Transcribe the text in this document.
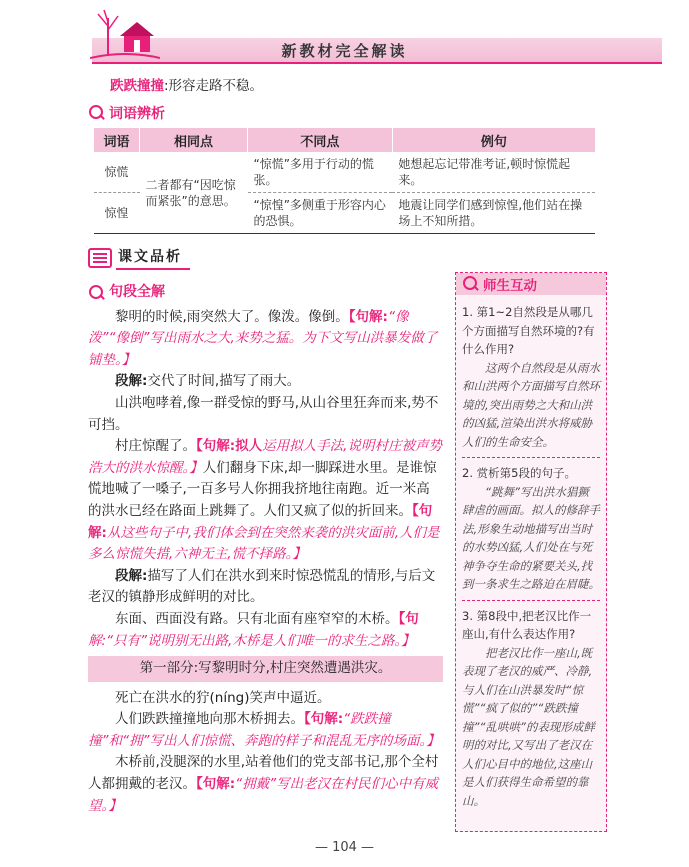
新教材完全解读
跌跌撞撞:形容走路不稳。
词语辨析
词语	相同点	不同点	例句
惊慌	二者都有“因吃惊而紧张”的意思。	“惊慌”多用于行动的慌张。	她想起忘记带准考证,顿时惊慌起来。
惊惶		“惊惶”多侧重于形容内心的恐惧。	地震让同学们感到惊惶,他们站在操场上不知所措。
课文品析
句段全解

黎明的时候,雨突然大了。像泼。像倒。【句解:“像泼”“像倒”写出雨水之大,来势之猛。为下文写山洪暴发做了铺垫。】

段解:交代了时间,描写了雨大。

山洪咆哮着,像一群受惊的野马,从山谷里狂奔而来,势不可挡。

村庄惊醒了。【句解:拟人运用拟人手法,说明村庄被声势浩大的洪水惊醒。】人们翻身下床,却一脚踩进水里。是谁惊慌地喊了一嗓子,一百多号人你拥我挤地往南跑。近一米高的洪水已经在路面上跳舞了。人们又疯了似的折回来。【句解:从这些句子中,我们体会到在突然来袭的洪灾面前,人们是多么惊慌失措,六神无主,慌不择路。】

段解:描写了人们在洪水到来时惊恐慌乱的情形,与后文老汉的镇静形成鲜明的对比。

东面、西面没有路。只有北面有座窄窄的木桥。【句解:“只有”说明别无出路,木桥是人们唯一的求生之路。】

第一部分:写黎明时分,村庄突然遭遇洪灾。

死亡在洪水的狞(níng)笑声中逼近。

人们跌跌撞撞地向那木桥拥去。【句解:“跌跌撞撞”和“拥”写出人们惊慌、奔跑的样子和混乱无序的场面。】

木桥前,没腿深的水里,站着他们的党支部书记,那个全村人都拥戴的老汉。【句解:“拥戴”写出老汉在村民们心中有威望。】

师生互动
1. 第1~2自然段是从哪几个方面描写自然环境的?有什么作用?
这两个自然段是从雨水和山洪两个方面描写自然环境的,突出雨势之大和山洪的凶猛,渲染出洪水将威胁人们的生命安全。
2. 赏析第5段的句子。
“跳舞”写出洪水猖獗肆虐的画面。拟人的修辞手法,形象生动地描写出当时的水势凶猛,人们处在与死神争夺生命的紧要关头,找到一条求生之路迫在眉睫。
3. 第8段中,把老汉比作一座山,有什么表达作用?
把老汉比作一座山,既表现了老汉的威严、冷静,与人们在山洪暴发时“惊慌”“疯了似的”“跌跌撞撞”“乱哄哄”的表现形成鲜明的对比,又写出了老汉在人们心目中的地位,这座山是人们获得生命希望的靠山。
— 104 —
